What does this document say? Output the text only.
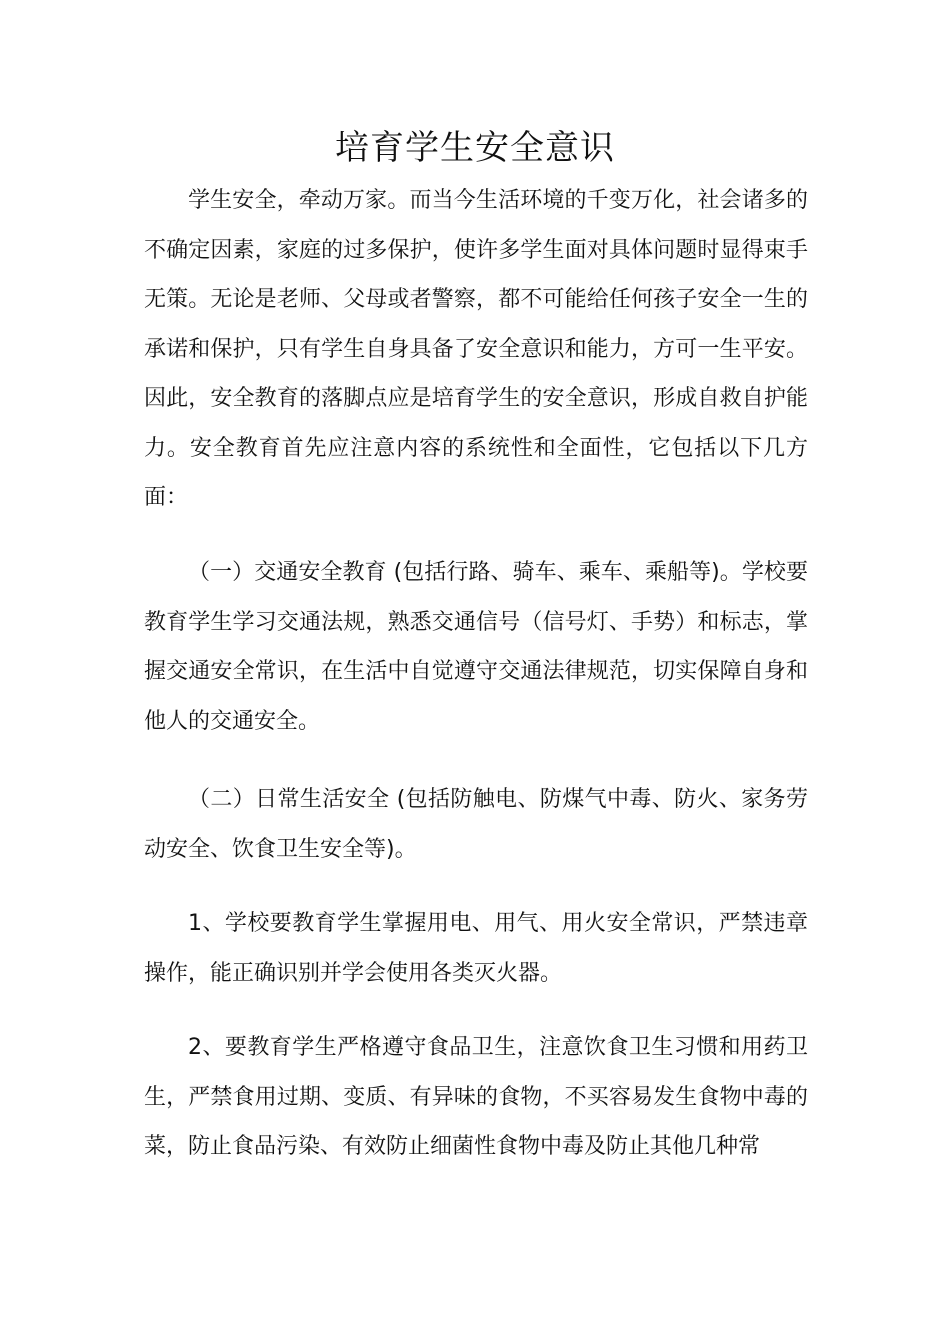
培育学生安全意识

学生安全，牵动万家。而当今生活环境的千变万化，社会诸多的不确定因素，家庭的过多保护，使许多学生面对具体问题时显得束手无策。无论是老师、父母或者警察，都不可能给任何孩子安全一生的承诺和保护，只有学生自身具备了安全意识和能力，方可一生平安。因此，安全教育的落脚点应是培育学生的安全意识，形成自救自护能力。安全教育首先应注意内容的系统性和全面性，它包括以下几方面：

（一）交通安全教育 (包括行路、骑车、乘车、乘船等)。学校要教育学生学习交通法规，熟悉交通信号（信号灯、手势）和标志，掌握交通安全常识，在生活中自觉遵守交通法律规范，切实保障自身和他人的交通安全。

（二）日常生活安全 (包括防触电、防煤气中毒、防火、家务劳动安全、饮食卫生安全等)。

1、学校要教育学生掌握用电、用气、用火安全常识，严禁违章操作，能正确识别并学会使用各类灭火器。

2、要教育学生严格遵守食品卫生，注意饮食卫生习惯和用药卫生，严禁食用过期、变质、有异味的食物，不买容易发生食物中毒的菜，防止食品污染、有效防止细菌性食物中毒及防止其他几种常
